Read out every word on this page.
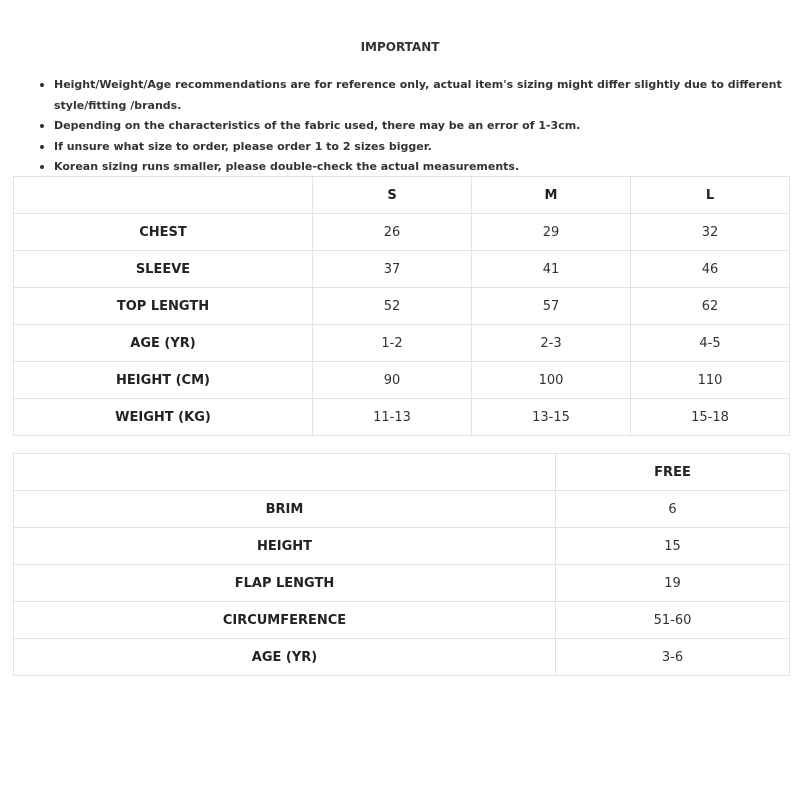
IMPORTANT
Height/Weight/Age recommendations are for reference only, actual item's sizing might differ slightly due to different style/fitting /brands.
Depending on the characteristics of the fabric used, there may be an error of 1-3cm.
If unsure what size to order, please order 1 to 2 sizes bigger.
Korean sizing runs smaller, please double-check the actual measurements.
	S	M	L
CHEST	26	29	32
SLEEVE	37	41	46
TOP LENGTH	52	57	62
AGE (YR)	1-2	2-3	4-5
HEIGHT (CM)	90	100	110
WEIGHT (KG)	11-13	13-15	15-18
	FREE
BRIM	6
HEIGHT	15
FLAP LENGTH	19
CIRCUMFERENCE	51-60
AGE (YR)	3-6
